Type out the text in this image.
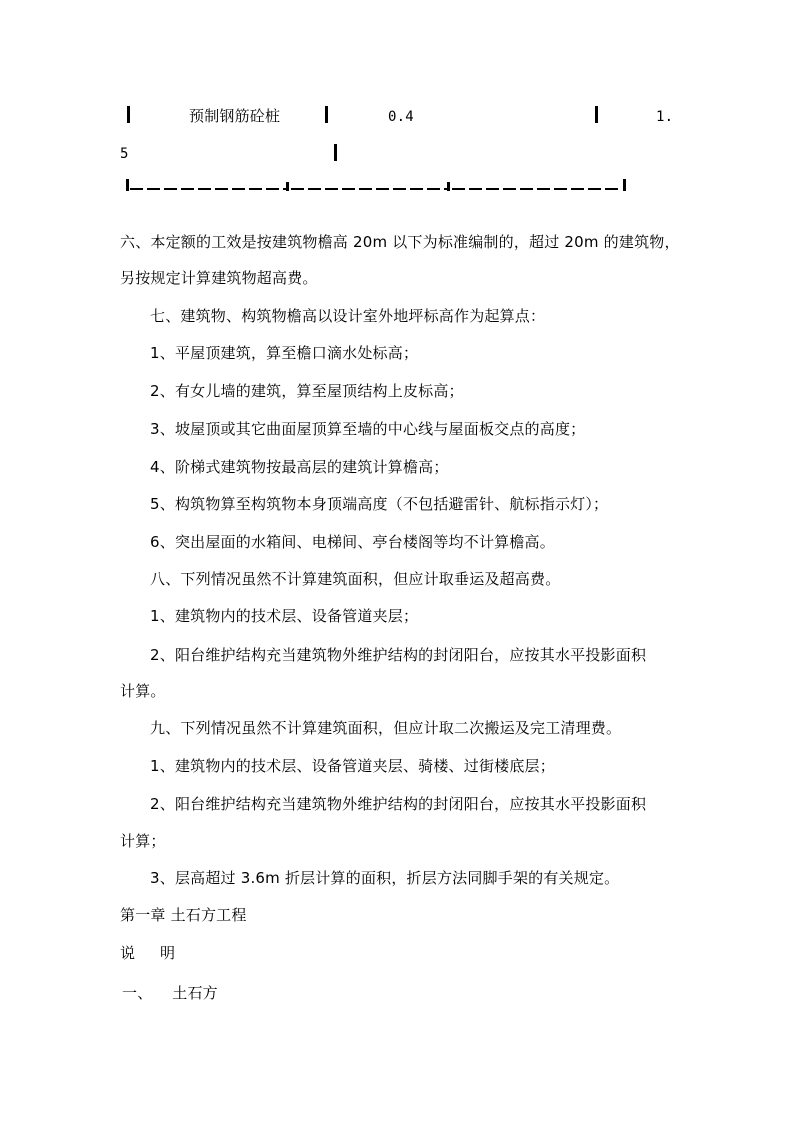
预制钢筋砼桩	0.4	1.
5
六、本定额的工效是按建筑物檐高 20m 以下为标准编制的，超过 20m 的建筑物，
另按规定计算建筑物超高费。
七、建筑物、构筑物檐高以设计室外地坪标高作为起算点：
1、平屋顶建筑，算至檐口滴水处标高；
2、有女儿墙的建筑，算至屋顶结构上皮标高；
3、坡屋顶或其它曲面屋顶算至墙的中心线与屋面板交点的高度；
4、阶梯式建筑物按最高层的建筑计算檐高；
5、构筑物算至构筑物本身顶端高度（不包括避雷针、航标指示灯）；
6、突出屋面的水箱间、电梯间、亭台楼阁等均不计算檐高。
八、下列情况虽然不计算建筑面积，但应计取垂运及超高费。
1、建筑物内的技术层、设备管道夹层；
2、阳台维护结构充当建筑物外维护结构的封闭阳台，应按其水平投影面积
计算。
九、下列情况虽然不计算建筑面积，但应计取二次搬运及完工清理费。
1、建筑物内的技术层、设备管道夹层、骑楼、过街楼底层；
2、阳台维护结构充当建筑物外维护结构的封闭阳台，应按其水平投影面积
计算；
3、层高超过 3.6m 折层计算的面积，折层方法同脚手架的有关规定。
第一章 土石方工程
说     明
一、    土石方
